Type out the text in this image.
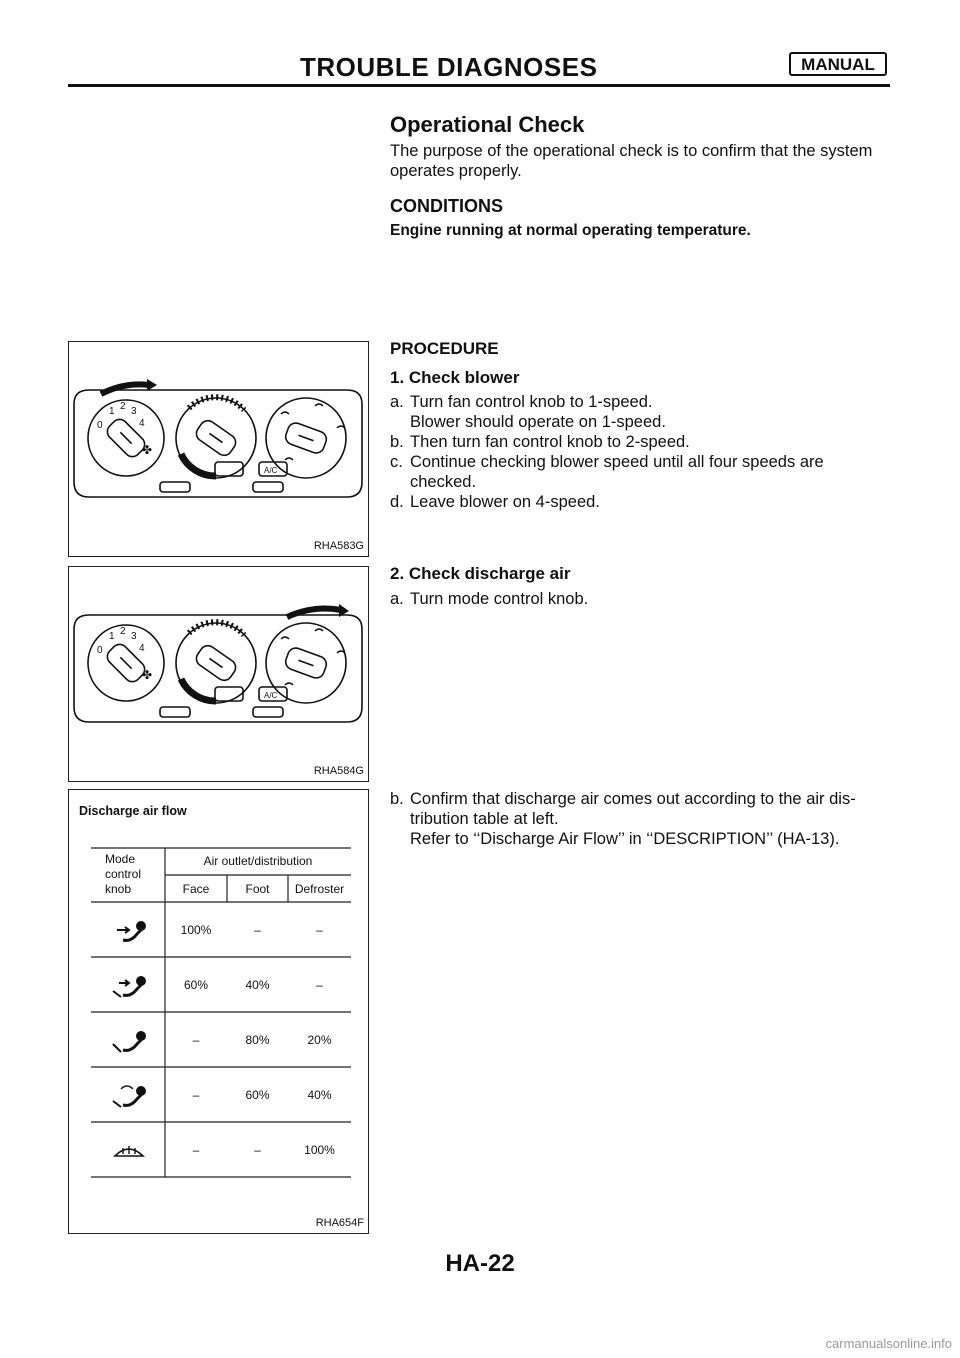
TROUBLE DIAGNOSES	MANUAL
Operational Check
The purpose of the operational check is to confirm that the system operates properly.
CONDITIONS
Engine running at normal operating temperature.
PROCEDURE
1. Check blower
a. Turn fan control knob to 1-speed.
Blower should operate on 1-speed.
b. Then turn fan control knob to 2-speed.
c. Continue checking blower speed until all four speeds are
checked.
d. Leave blower on 4-speed.
2. Check discharge air
a. Turn mode control knob.
b. Confirm that discharge air comes out according to the air dis-
tribution table at left.
Refer to ‘‘Discharge Air Flow’’ in ‘‘DESCRIPTION’’ (HA-13).
0
1 2 3
4
✤
A/C
RHA583G
0
1 2 3
4
✤
A/C
RHA584G
Discharge air flow
Mode control knob
Air outlet/distribution
Face	Foot	Defroster
100%	–	–
60%	40%	–
–	80%	20%
–	60%	40%
–	–	100%
RHA654F
HA-22
carmanualsonline.info
